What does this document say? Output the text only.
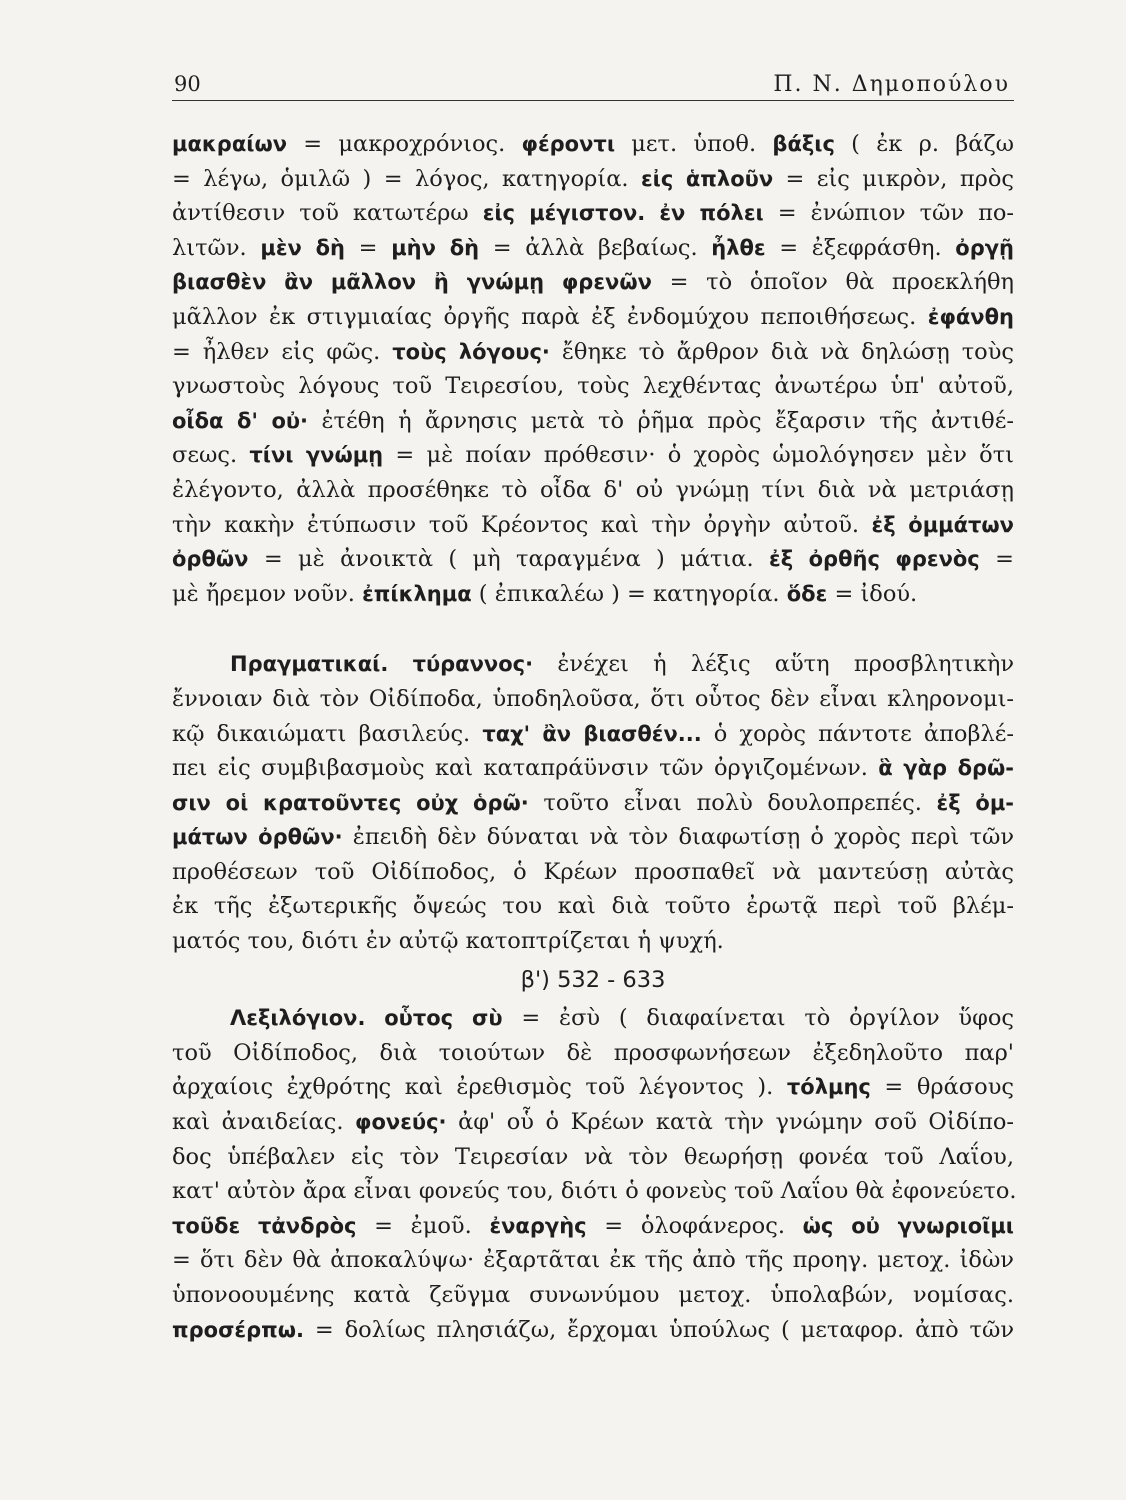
90	Π. Ν. Δημοπούλου

μακραίων = μακροχρόνιος. φέροντι μετ. ὑποθ. βάξις ( ἐκ ρ. βάζω
= λέγω, ὁμιλῶ ) = λόγος, κατηγορία. εἰς ἁπλοῦν = εἰς μικρὸν, πρὸς
ἀντίθεσιν τοῦ κατωτέρω εἰς μέγιστον. ἐν πόλει = ἐνώπιον τῶν πο-
λιτῶν. μὲν δὴ = μὴν δὴ = ἀλλὰ βεβαίως. ἦλθε = ἐξεφράσθη. ὀργῇ
βιασθὲν ἂν μᾶλλον ἢ γνώμῃ φρενῶν = τὸ ὁποῖον θὰ προεκλήθη
μᾶλλον ἐκ στιγμιαίας ὀργῆς παρὰ ἐξ ἐνδομύχου πεποιθήσεως. ἐφάνθη
= ἦλθεν εἰς φῶς. τοὺς λόγους· ἔθηκε τὸ ἄρθρον διὰ νὰ δηλώσῃ τοὺς
γνωστοὺς λόγους τοῦ Τειρεσίου, τοὺς λεχθέντας ἀνωτέρω ὑπ' αὐτοῦ,
οἶδα δ' οὐ· ἐτέθη ἡ ἄρνησις μετὰ τὸ ῥῆμα πρὸς ἔξαρσιν τῆς ἀντιθέ-
σεως. τίνι γνώμῃ = μὲ ποίαν πρόθεσιν· ὁ χορὸς ὡμολόγησεν μὲν ὅτι
ἐλέγοντο, ἀλλὰ προσέθηκε τὸ οἶδα δ' οὐ γνώμῃ τίνι διὰ νὰ μετριάσῃ
τὴν κακὴν ἐτύπωσιν τοῦ Κρέοντος καὶ τὴν ὀργὴν αὐτοῦ. ἐξ ὀμμάτων
ὀρθῶν = μὲ ἀνοικτὰ ( μὴ ταραγμένα ) μάτια. ἐξ ὀρθῆς φρενὸς =
μὲ ἤρεμον νοῦν. ἐπίκλημα ( ἐπικαλέω ) = κατηγορία. ὅδε = ἰδού.

Πραγματικαί. τύραννος· ἐνέχει ἡ λέξις αὕτη προσβλητικὴν
ἔννοιαν διὰ τὸν Οἰδίποδα, ὑποδηλοῦσα, ὅτι οὗτος δὲν εἶναι κληρονομι-
κῷ δικαιώματι βασιλεύς. ταχ' ἂν βιασθέν... ὁ χορὸς πάντοτε ἀποβλέ-
πει εἰς συμβιβασμοὺς καὶ καταπράϋνσιν τῶν ὀργιζομένων. ἃ γὰρ δρῶ-
σιν οἱ κρατοῦντες οὐχ ὁρῶ· τοῦτο εἶναι πολὺ δουλοπρεπές. ἐξ ὀμ-
μάτων ὀρθῶν· ἐπειδὴ δὲν δύναται νὰ τὸν διαφωτίσῃ ὁ χορὸς περὶ τῶν
προθέσεων τοῦ Οἰδίποδος, ὁ Κρέων προσπαθεῖ νὰ μαντεύσῃ αὐτὰς
ἐκ τῆς ἐξωτερικῆς ὄψεώς του καὶ διὰ τοῦτο ἐρωτᾷ περὶ τοῦ βλέμ-
ματός του, διότι ἐν αὐτῷ κατοπτρίζεται ἡ ψυχή.

β') 532 - 633

Λεξιλόγιον. οὗτος σὺ = ἐσὺ ( διαφαίνεται τὸ ὀργίλον ὕφος
τοῦ Οἰδίποδος, διὰ τοιούτων δὲ προσφωνήσεων ἐξεδηλοῦτο παρ'
ἀρχαίοις ἐχθρότης καὶ ἐρεθισμὸς τοῦ λέγοντος ). τόλμης = θράσους
καὶ ἀναιδείας. φονεύς· ἀφ' οὗ ὁ Κρέων κατὰ τὴν γνώμην σοῦ Οἰδίπο-
δος ὑπέβαλεν εἰς τὸν Τειρεσίαν νὰ τὸν θεωρήσῃ φονέα τοῦ Λαΐου,
κατ' αὐτὸν ἄρα εἶναι φονεύς του, διότι ὁ φονεὺς τοῦ Λαΐου θὰ ἐφονεύετο.
τοῦδε τἀνδρὸς = ἐμοῦ. ἐναργὴς = ὁλοφάνερος. ὡς οὐ γνωριοῖμι
= ὅτι δὲν θὰ ἀποκαλύψω· ἐξαρτᾶται ἐκ τῆς ἀπὸ τῆς προηγ. μετοχ. ἰδὼν
ὑπονοουμένης κατὰ ζεῦγμα συνωνύμου μετοχ. ὑπολαβών, νομίσας.
προσέρπω. = δολίως πλησιάζω, ἔρχομαι ὑπούλως ( μεταφορ. ἀπὸ τῶν
